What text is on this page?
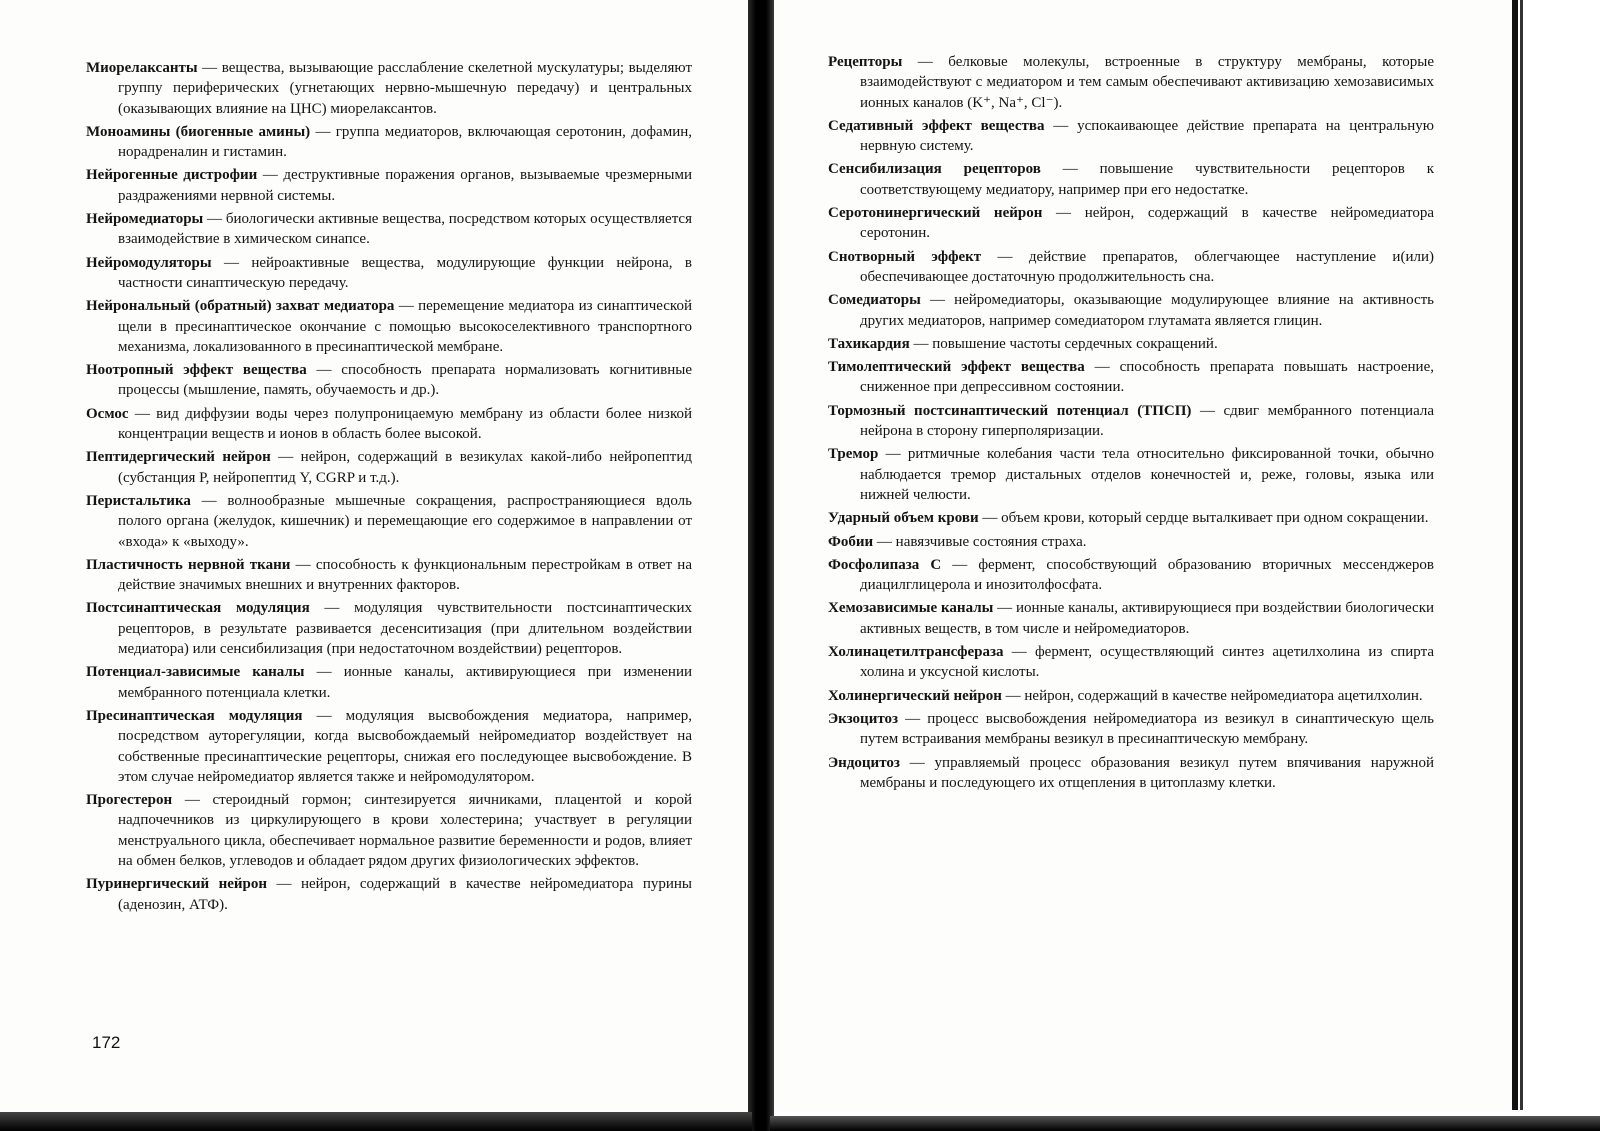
Миорелаксанты — вещества, вызывающие расслабление скелетной мускулатуры; выделяют группу периферических (угнетающих нервно-мышечную передачу) и центральных (оказывающих влияние на ЦНС) миорелаксантов.

Моноамины (биогенные амины) — группа медиаторов, включающая серотонин, дофамин, норадреналин и гистамин.

Нейрогенные дистрофии — деструктивные поражения органов, вызываемые чрезмерными раздражениями нервной системы.

Нейромедиаторы — биологически активные вещества, посредством которых осуществляется взаимодействие в химическом синапсе.

Нейромодуляторы — нейроактивные вещества, модулирующие функции нейрона, в частности синаптическую передачу.

Нейрональный (обратный) захват медиатора — перемещение медиатора из синаптической щели в пресинаптическое окончание с помощью высокоселективного транспортного механизма, локализованного в пресинаптической мембране.

Ноотропный эффект вещества — способность препарата нормализовать когнитивные процессы (мышление, память, обучаемость и др.).

Осмос — вид диффузии воды через полупроницаемую мембрану из области более низкой концентрации веществ и ионов в область более высокой.

Пептидергический нейрон — нейрон, содержащий в везикулах какой-либо нейропептид (субстанция Р, нейропептид Y, CGRP и т.д.).

Перистальтика — волнообразные мышечные сокращения, распространяющиеся вдоль полого органа (желудок, кишечник) и перемещающие его содержимое в направлении от «входа» к «выходу».

Пластичность нервной ткани — способность к функциональным перестройкам в ответ на действие значимых внешних и внутренних факторов.

Постсинаптическая модуляция — модуляция чувствительности постсинаптических рецепторов, в результате развивается десенситизация (при длительном воздействии медиатора) или сенсибилизация (при недостаточном воздействии) рецепторов.

Потенциал-зависимые каналы — ионные каналы, активирующиеся при изменении мембранного потенциала клетки.

Пресинаптическая модуляция — модуляция высвобождения медиатора, например, посредством ауторегуляции, когда высвобождаемый нейромедиатор воздействует на собственные пресинаптические рецепторы, снижая его последующее высвобождение. В этом случае нейромедиатор является также и нейромодулятором.

Прогестерон — стероидный гормон; синтезируется яичниками, плацентой и корой надпочечников из циркулирующего в крови холестерина; участвует в регуляции менструального цикла, обеспечивает нормальное развитие беременности и родов, влияет на обмен белков, углеводов и обладает рядом других физиологических эффектов.

Пуринергический нейрон — нейрон, содержащий в качестве нейромедиатора пурины (аденозин, АТФ).

Рецепторы — белковые молекулы, встроенные в структуру мембраны, которые взаимодействуют с медиатором и тем самым обеспечивают активизацию хемозависимых ионных каналов (K⁺, Na⁺, Cl⁻).

Седативный эффект вещества — успокаивающее действие препарата на центральную нервную систему.

Сенсибилизация рецепторов — повышение чувствительности рецепторов к соответствующему медиатору, например при его недостатке.

Серотонинергический нейрон — нейрон, содержащий в качестве нейромедиатора серотонин.

Снотворный эффект — действие препаратов, облегчающее наступление и(или) обеспечивающее достаточную продолжительность сна.

Сомедиаторы — нейромедиаторы, оказывающие модулирующее влияние на активность других медиаторов, например сомедиатором глутамата является глицин.

Тахикардия — повышение частоты сердечных сокращений.

Тимолептический эффект вещества — способность препарата повышать настроение, сниженное при депрессивном состоянии.

Тормозный постсинаптический потенциал (ТПСП) — сдвиг мембранного потенциала нейрона в сторону гиперполяризации.

Тремор — ритмичные колебания части тела относительно фиксированной точки, обычно наблюдается тремор дистальных отделов конечностей и, реже, головы, языка или нижней челюсти.

Ударный объем крови — объем крови, который сердце выталкивает при одном сокращении.

Фобии — навязчивые состояния страха.

Фосфолипаза С — фермент, способствующий образованию вторичных мессенджеров диацилглицерола и инозитолфосфата.

Хемозависимые каналы — ионные каналы, активирующиеся при воздействии биологически активных веществ, в том числе и нейромедиаторов.

Холинацетилтрансфераза — фермент, осуществляющий синтез ацетилхолина из спирта холина и уксусной кислоты.

Холинергический нейрон — нейрон, содержащий в качестве нейромедиатора ацетилхолин.

Экзоцитоз — процесс высвобождения нейромедиатора из везикул в синаптическую щель путем встраивания мембраны везикул в пресинаптическую мембрану.

Эндоцитоз — управляемый процесс образования везикул путем впячивания наружной мембраны и последующего их отщепления в цитоплазму клетки.

172
